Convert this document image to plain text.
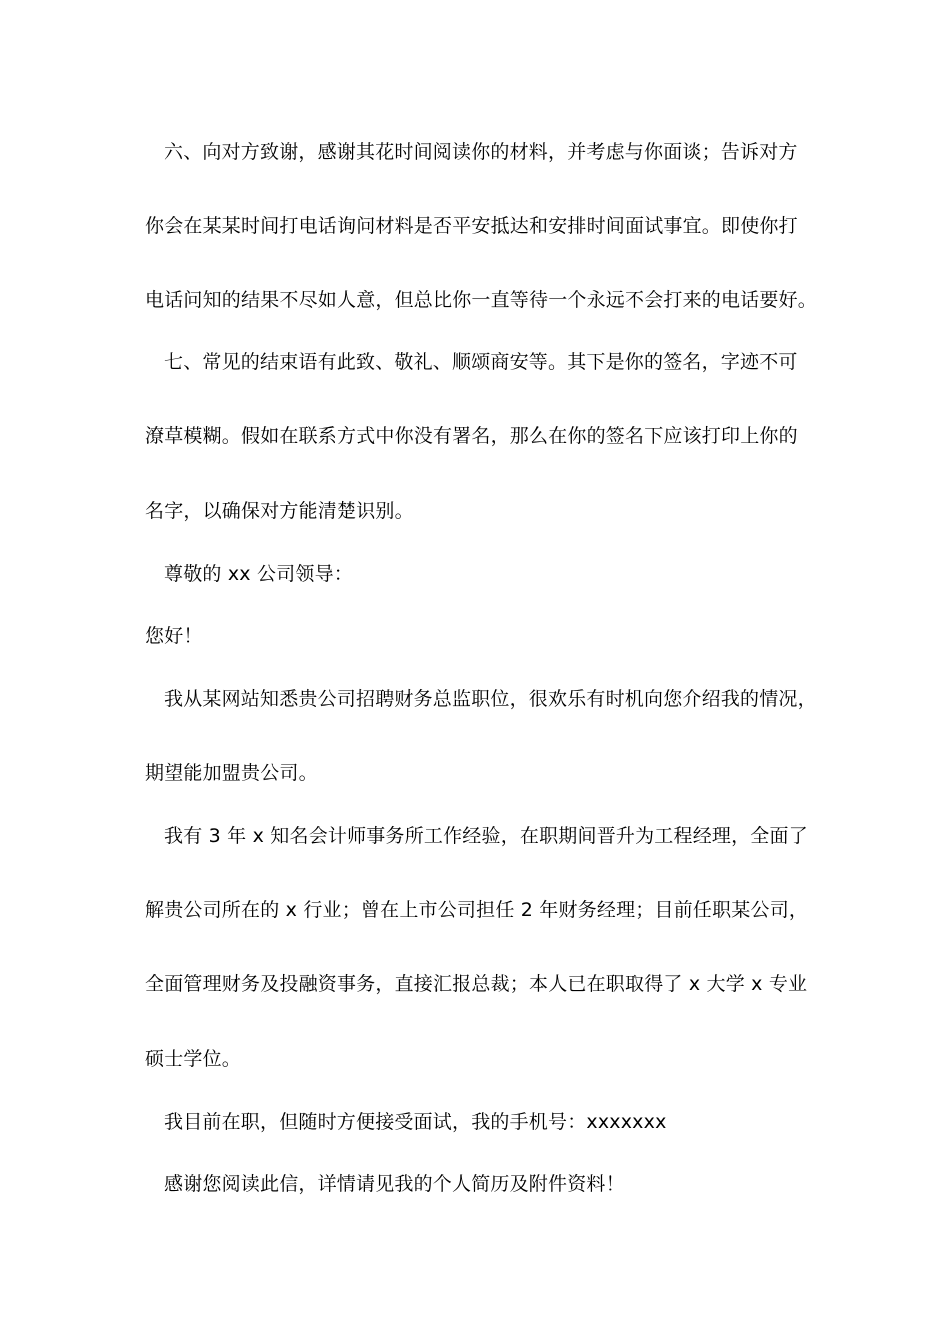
六、向对方致谢，感谢其花时间阅读你的材料，并考虑与你面谈；告诉对方

你会在某某时间打电话询问材料是否平安抵达和安排时间面试事宜。即使你打

电话问知的结果不尽如人意，但总比你一直等待一个永远不会打来的电话要好。

七、常见的结束语有此致、敬礼、顺颂商安等。其下是你的签名，字迹不可

潦草模糊。假如在联系方式中你没有署名，那么在你的签名下应该打印上你的

名字，以确保对方能清楚识别。

尊敬的 xx 公司领导：

您好！

我从某网站知悉贵公司招聘财务总监职位，很欢乐有时机向您介绍我的情况，

期望能加盟贵公司。

我有 3 年 x 知名会计师事务所工作经验，在职期间晋升为工程经理，全面了

解贵公司所在的 x 行业；曾在上市公司担任 2 年财务经理；目前任职某公司，

全面管理财务及投融资事务，直接汇报总裁；本人已在职取得了 x 大学 x 专业

硕士学位。

我目前在职，但随时方便接受面试，我的手机号：xxxxxxx

感谢您阅读此信，详情请见我的个人简历及附件资料！
